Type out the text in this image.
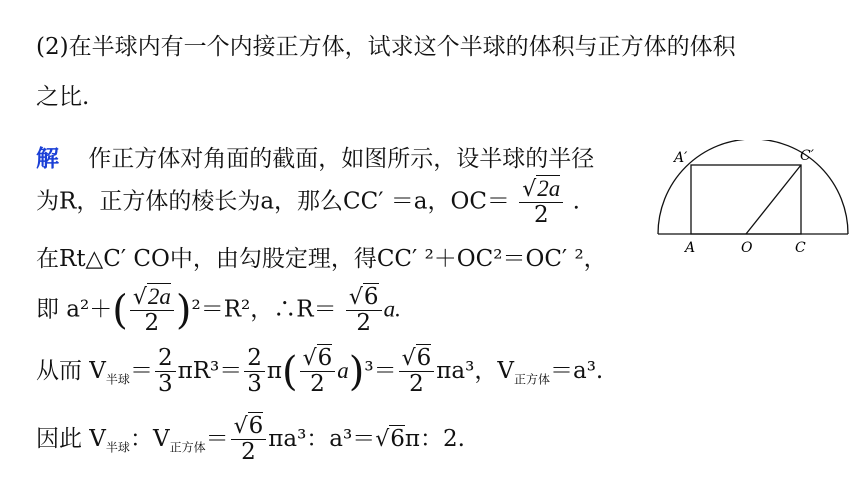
(2)在半球内有一个内接正方体，试求这个半球的体积与正方体的体积
之比.
解 作正方体对角面的截面，如图所示，设半球的半径
为R，正方体的棱长为a，那么CC′ ＝a，$OC= \frac{√2a}{2}$ .
在Rt△C′ CO中，由勾股定理，得CC′ ²＋OC²＝OC′ ²，
即 $a^2+( \frac{√2a}{2} )^2=R^2$，∴R＝ $\frac{√6}{2} a$.
从而 $V_{半球}= \frac{2}{3} \pi R^3= \frac{2}{3} \pi( \frac{√6}{2} a)^3= \frac{√6}{2} \pi a^3$，$V_{正方体}=a^3$.
因此 $V_{半球}$：$V_{正方体}= \frac{√6}{2} \pi a^3$：a³＝√6π：2.
A′	C′
A	O	C
